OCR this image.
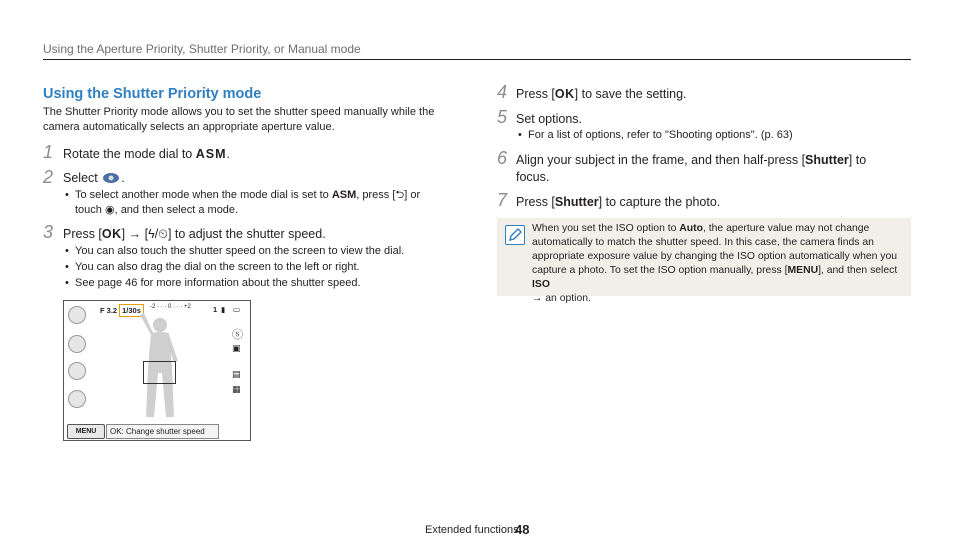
Using the Aperture Priority, Shutter Priority, or Manual mode
Using the Shutter Priority mode
The Shutter Priority mode allows you to set the shutter speed manually while the camera automatically selects an appropriate aperture value.
1 Rotate the mode dial to ASM.
2 Select .
• To select another mode when the mode dial is set to ASM, press [⮌] or
touch ◉, and then select a mode.
3 Press [OK] → [ϟ/⏲] to adjust the shutter speed.
• You can also touch the shutter speed on the screen to view the dial.
• You can also drag the dial on the screen to the left or right.
• See page 46 for more information about the shutter speed.
F 3.2 1/30s	-2 · · · 0 · · · +2	1 ▮ ▭
ⓢ
▣
▤
▦
MENU	OK: Change shutter speed
4 Press [OK] to save the setting.
5 Set options.
• For a list of options, refer to "Shooting options". (p. 63)
6 Align your subject in the frame, and then half-press [Shutter] to focus.
7 Press [Shutter] to capture the photo.
When you set the ISO option to Auto, the aperture value may not change automatically to match the shutter speed. In this case, the camera finds an appropriate exposure value by changing the ISO option automatically when you capture a photo. To set the ISO option manually, press [MENU], and then select ISO
→ an option.
Extended functions
48
